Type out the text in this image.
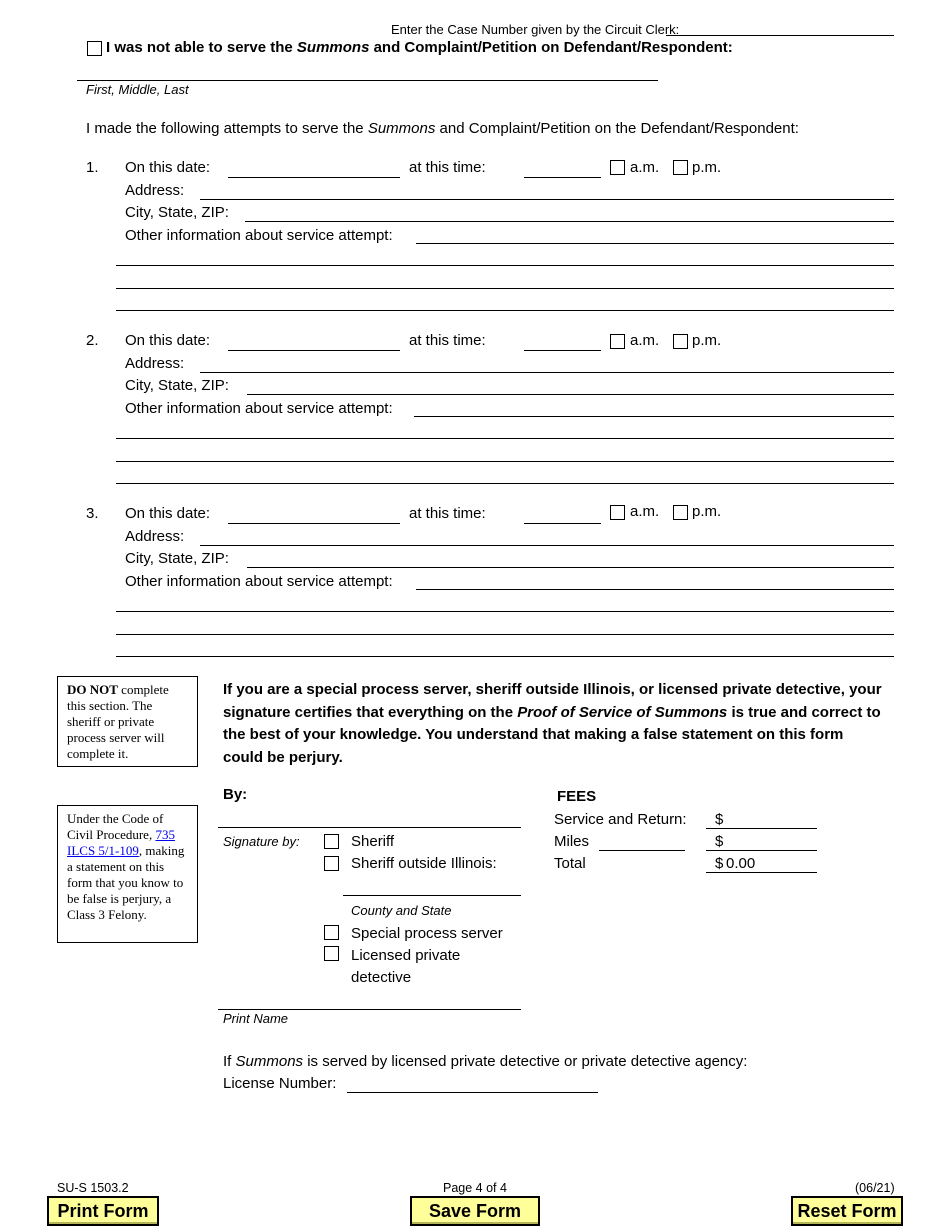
Enter the Case Number given by the Circuit Clerk:
I was not able to serve the Summons and Complaint/Petition on Defendant/Respondent:
First, Middle, Last
I made the following attempts to serve the Summons and Complaint/Petition on the Defendant/Respondent:
1. On this date:	at this time:	a.m. p.m.
Address:
City, State, ZIP:
Other information about service attempt:
2. On this date:	at this time:	a.m. p.m.
Address:
City, State, ZIP:
Other information about service attempt:
3. On this date:	at this time:	a.m. p.m.
Address:
City, State, ZIP:
Other information about service attempt:
DO NOT complete this section. The sheriff or private process server will complete it.
Under the Code of Civil Procedure, 735 ILCS 5/1-109, making a statement on this form that you know to be false is perjury, a Class 3 Felony.
If you are a special process server, sheriff outside Illinois, or licensed private detective, your signature certifies that everything on the Proof of Service of Summons is true and correct to the best of your knowledge. You understand that making a false statement on this form could be perjury.
By:
Signature by:	Sheriff
Sheriff outside Illinois:
County and State
Special process server
Licensed private
detective
Print Name
FEES
Service and Return: $
Miles	$
Total	$ 0.00
If Summons is served by licensed private detective or private detective agency:
License Number:
SU-S 1503.2	Page 4 of 4	(06/21)
Print Form	Save Form	Reset Form
